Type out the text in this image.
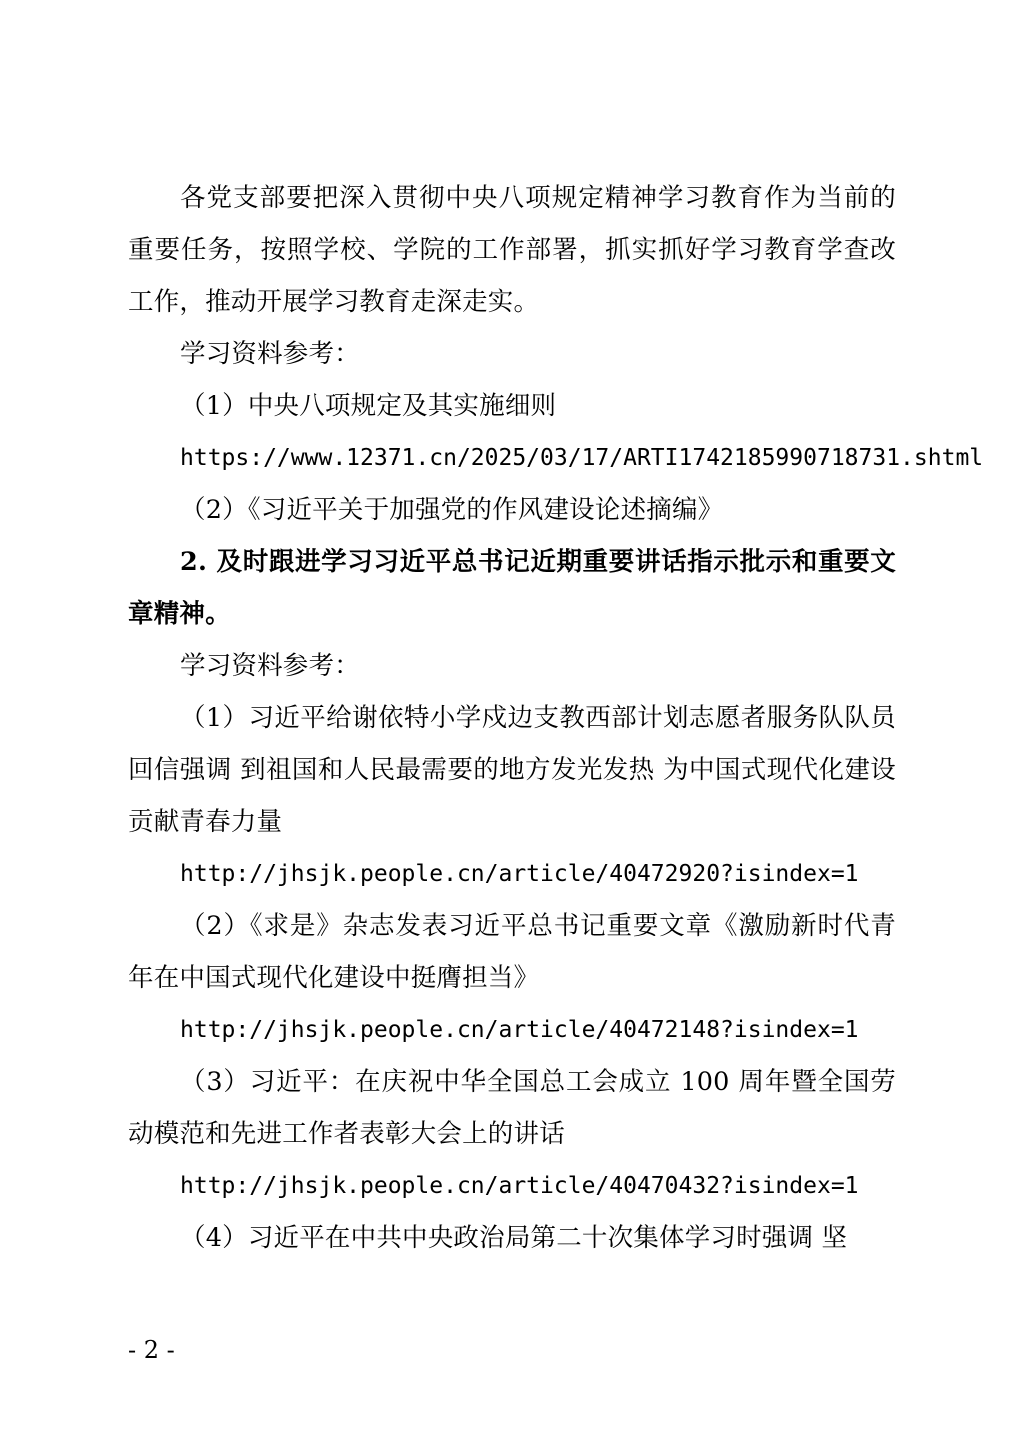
各党支部要把深入贯彻中央八项规定精神学习教育作为当前的重要任务，按照学校、学院的工作部署，抓实抓好学习教育学查改工作，推动开展学习教育走深走实。

学习资料参考：

（1）中央八项规定及其实施细则

https://www.12371.cn/2025/03/17/ARTI1742185990718731.shtml

（2）《习近平关于加强党的作风建设论述摘编》

2. 及时跟进学习习近平总书记近期重要讲话指示批示和重要文章精神。

学习资料参考：

（1）习近平给谢依特小学戍边支教西部计划志愿者服务队队员回信强调 到祖国和人民最需要的地方发光发热 为中国式现代化建设贡献青春力量

http://jhsjk.people.cn/article/40472920?isindex=1

（2）《求是》杂志发表习近平总书记重要文章《激励新时代青年在中国式现代化建设中挺膺担当》

http://jhsjk.people.cn/article/40472148?isindex=1

（3）习近平：在庆祝中华全国总工会成立 100 周年暨全国劳动模范和先进工作者表彰大会上的讲话

http://jhsjk.people.cn/article/40470432?isindex=1

（4）习近平在中共中央政治局第二十次集体学习时强调 坚

- 2 -
